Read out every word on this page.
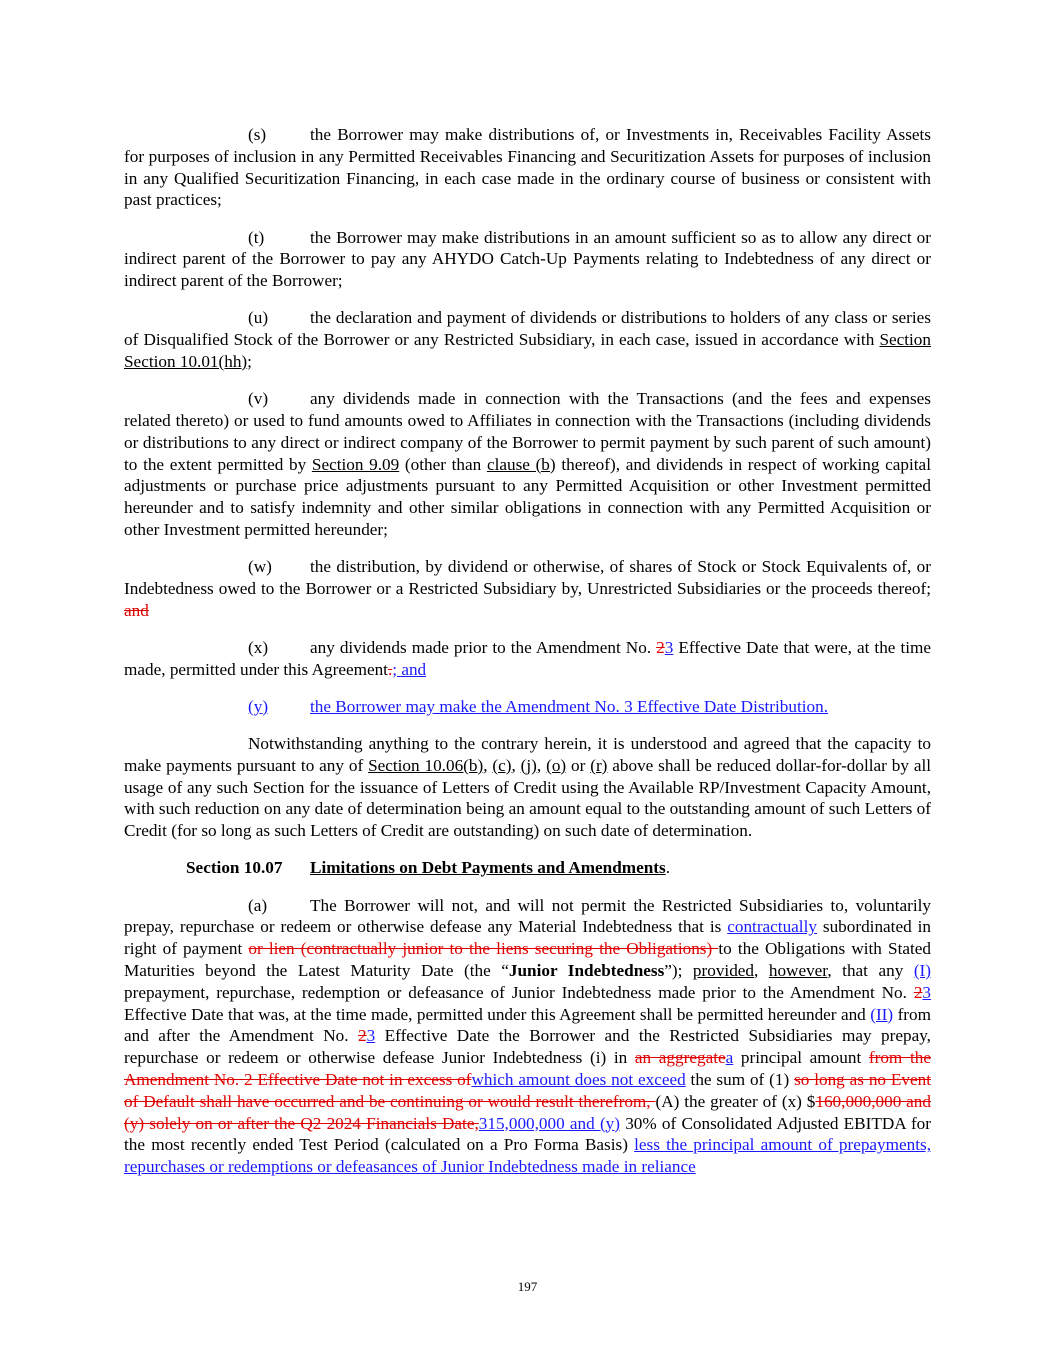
(s)	the Borrower may make distributions of, or Investments in, Receivables Facility Assets for purposes of inclusion in any Permitted Receivables Financing and Securitization Assets for purposes of inclusion in any Qualified Securitization Financing, in each case made in the ordinary course of business or consistent with past practices;

(t)	the Borrower may make distributions in an amount sufficient so as to allow any direct or indirect parent of the Borrower to pay any AHYDO Catch-Up Payments relating to Indebtedness of any direct or indirect parent of the Borrower;

(u) the declaration and payment of dividends or distributions to holders of any class or series of Disqualified Stock of the Borrower or any Restricted Subsidiary, in each case, issued in accordance with Section Section 10.01(hh);

(v) any dividends made in connection with the Transactions (and the fees and expenses related thereto) or used to fund amounts owed to Affiliates in connection with the Transactions (including dividends or distributions to any direct or indirect company of the Borrower to permit payment by such parent of such amount) to the extent permitted by Section 9.09 (other than clause (b) thereof), and dividends in respect of working capital adjustments or purchase price adjustments pursuant to any Permitted Acquisition or other Investment permitted hereunder and to satisfy indemnity and other similar obligations in connection with any Permitted Acquisition or other Investment permitted hereunder;

(w) the distribution, by dividend or otherwise, of shares of Stock or Stock Equivalents of, or Indebtedness owed to the Borrower or a Restricted Subsidiary by, Unrestricted Subsidiaries or the proceeds thereof; and

(x) any dividends made prior to the Amendment No. 23 Effective Date that were, at the time made, permitted under this Agreement.; and

(y) the Borrower may make the Amendment No. 3 Effective Date Distribution.

Notwithstanding anything to the contrary herein, it is understood and agreed that the capacity to make payments pursuant to any of Section 10.06(b), (c), (j), (o) or (r) above shall be reduced dollar-for-dollar by all usage of any such Section for the issuance of Letters of Credit using the Available RP/Investment Capacity Amount, with such reduction on any date of determination being an amount equal to the outstanding amount of such Letters of Credit (for so long as such Letters of Credit are outstanding) on such date of determination.

Section 10.07 Limitations on Debt Payments and Amendments.

(a) The Borrower will not, and will not permit the Restricted Subsidiaries to, voluntarily prepay, repurchase or redeem or otherwise defease any Material Indebtedness that is contractually subordinated in right of payment or lien (contractually junior to the liens securing the Obligations) to the Obligations with Stated Maturities beyond the Latest Maturity Date (the “Junior Indebtedness”); provided, however, that any (I) prepayment, repurchase, redemption or defeasance of Junior Indebtedness made prior to the Amendment No. 23 Effective Date that was, at the time made, permitted under this Agreement shall be permitted hereunder and (II) from and after the Amendment No. 23 Effective Date the Borrower and the Restricted Subsidiaries may prepay, repurchase or redeem or otherwise defease Junior Indebtedness (i) in an aggregatea principal amount from the Amendment No. 2 Effective Date not in excess ofwhich amount does not exceed the sum of (1) so long as no Event of Default shall have occurred and be continuing or would result therefrom, (A) the greater of (x) $160,000,000 and (y) solely on or after the Q2 2024 Financials Date,315,000,000 and (y) 30% of Consolidated Adjusted EBITDA for the most recently ended Test Period (calculated on a Pro Forma Basis) less the principal amount of prepayments, repurchases or redemptions or defeasances of Junior Indebtedness made in reliance

197
